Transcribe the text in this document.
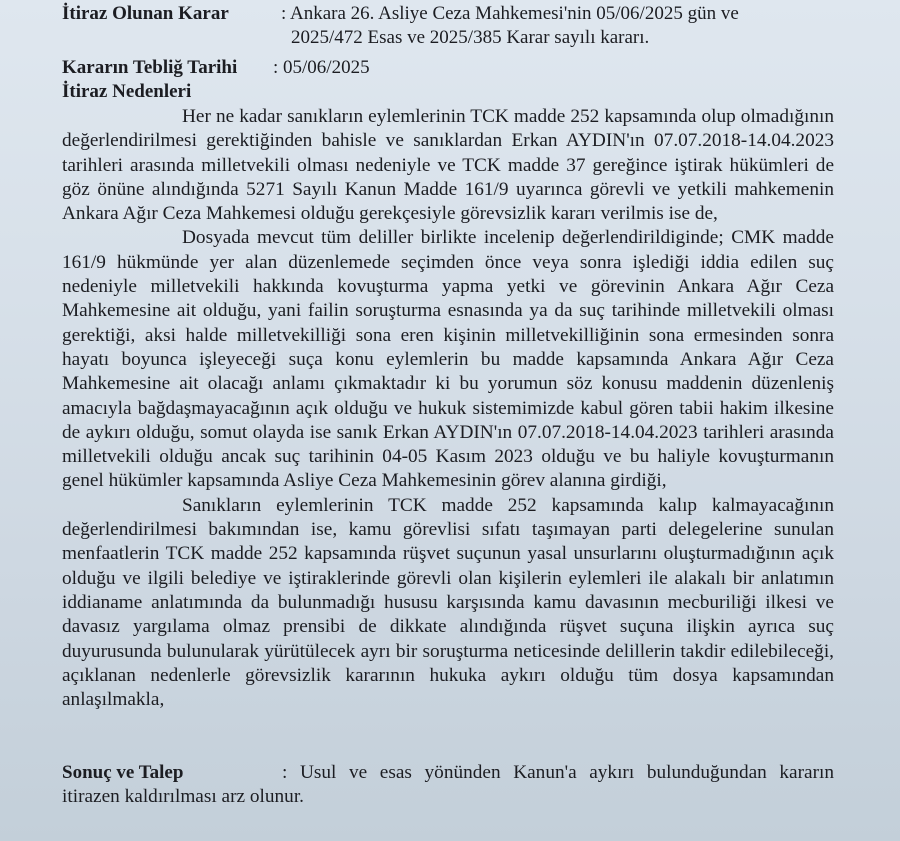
İtiraz Olunan Karar	: Ankara 26. Asliye Ceza Mahkemesi'nin 05/06/2025 gün ve
2025/472 Esas ve 2025/385 Karar sayılı kararı.
Kararın Tebliğ Tarihi : 05/06/2025
İtiraz Nedenleri

Her ne kadar sanıkların eylemlerinin TCK madde 252 kapsamında olup olmadığının değerlendirilmesi gerektiğinden bahisle ve sanıklardan Erkan AYDIN'ın 07.07.2018-14.04.2023 tarihleri arasında milletvekili olması nedeniyle ve TCK madde 37 gereğince iştirak hükümleri de göz önüne alındığında 5271 Sayılı Kanun Madde 161/9 uyarınca görevli ve yetkili mahkemenin Ankara Ağır Ceza Mahkemesi olduğu gerekçesiyle görevsizlik kararı verilmis ise de,

Dosyada mevcut tüm deliller birlikte incelenip değerlendirildiginde; CMK madde 161/9 hükmünde yer alan düzenlemede seçimden önce veya sonra işlediği iddia edilen suç nedeniyle milletvekili hakkında kovuşturma yapma yetki ve görevinin Ankara Ağır Ceza Mahkemesine ait olduğu, yani failin soruşturma esnasında ya da suç tarihinde milletvekili olması gerektiği, aksi halde milletvekilliği sona eren kişinin milletvekilliğinin sona ermesinden sonra hayatı boyunca işleyeceği suça konu eylemlerin bu madde kapsamında Ankara Ağır Ceza Mahkemesine ait olacağı anlamı çıkmaktadır ki bu yorumun söz konusu maddenin düzenleniş amacıyla bağdaşmayacağının açık olduğu ve hukuk sistemimizde kabul gören tabii hakim ilkesine de aykırı olduğu, somut olayda ise sanık Erkan AYDIN'ın 07.07.2018-14.04.2023 tarihleri arasında milletvekili olduğu ancak suç tarihinin 04-05 Kasım 2023 olduğu ve bu haliyle kovuşturmanın genel hükümler kapsamında Asliye Ceza Mahkemesinin görev alanına girdiği,

Sanıkların eylemlerinin TCK madde 252 kapsamında kalıp kalmayacağının değerlendirilmesi bakımından ise, kamu görevlisi sıfatı taşımayan parti delegelerine sunulan menfaatlerin TCK madde 252 kapsamında rüşvet suçunun yasal unsurlarını oluşturmadığının açık olduğu ve ilgili belediye ve iştiraklerinde görevli olan kişilerin eylemleri ile alakalı bir anlatımın iddianame anlatımında da bulunmadığı hususu karşısında kamu davasının mecburiliği ilkesi ve davasız yargılama olmaz prensibi de dikkate alındığında rüşvet suçuna ilişkin ayrıca suç duyurusunda bulunularak yürütülecek ayrı bir soruşturma neticesinde delillerin takdir edilebileceği, açıklanan nedenlerle görevsizlik kararının hukuka aykırı olduğu tüm dosya kapsamından anlaşılmakla,

Sonuç ve Talep	: Usul ve esas yönünden Kanun'a aykırı bulunduğundan kararın itirazen kaldırılması arz olunur.
